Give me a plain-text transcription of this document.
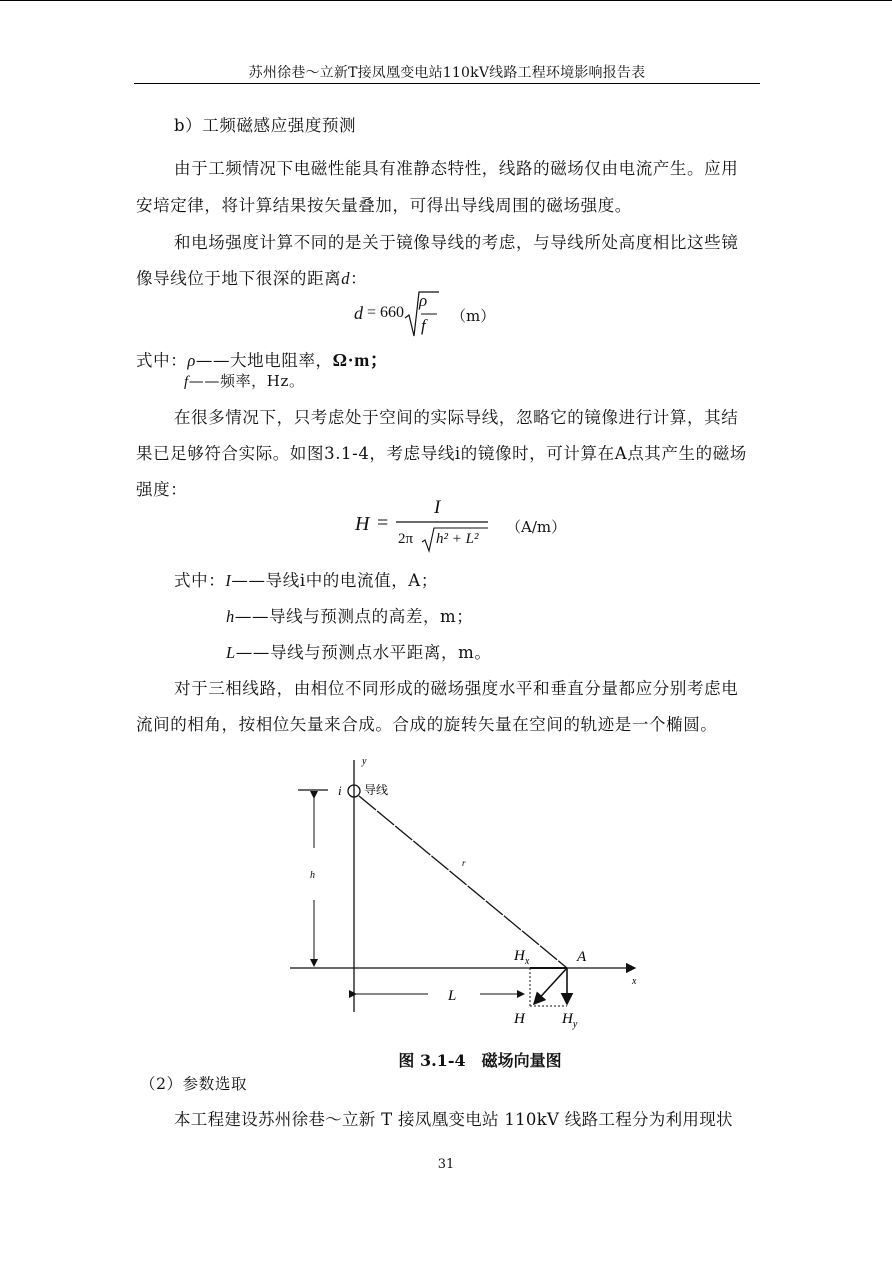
苏州徐巷～立新T接凤凰变电站110kV线路工程环境影响报告表
b）工频磁感应强度预测
由于工频情况下电磁性能具有准静态特性，线路的磁场仅由电流产生。应用
安培定律，将计算结果按矢量叠加，可得出导线周围的磁场强度。
和电场强度计算不同的是关于镜像导线的考虑，与导线所处高度相比这些镜
像导线位于地下很深的距离d：
d = 660
ρ
f （m）
式中：ρ——大地电阻率，Ω·m；
f——频率，Hz。
在很多情况下，只考虑处于空间的实际导线，忽略它的镜像进行计算，其结
果已足够符合实际。如图3.1-4，考虑导线i的镜像时，可计算在A点其产生的磁场
强度：
H =
I
2π h² + L²
（A/m）
式中：I——导线i中的电流值，A；
h——导线与预测点的高差，m；
L——导线与预测点水平距离，m。
对于三相线路，由相位不同形成的磁场强度水平和垂直分量都应分别考虑电
流间的相角，按相位矢量来合成。合成的旋转矢量在空间的轨迹是一个椭圆。
y
x
i 导线
h
r
L
A
$H_x$
H $H_y$
图 3.1-4　磁场向量图
（2）参数选取
本工程建设苏州徐巷～立新 T 接凤凰变电站 110kV 线路工程分为利用现状
31
